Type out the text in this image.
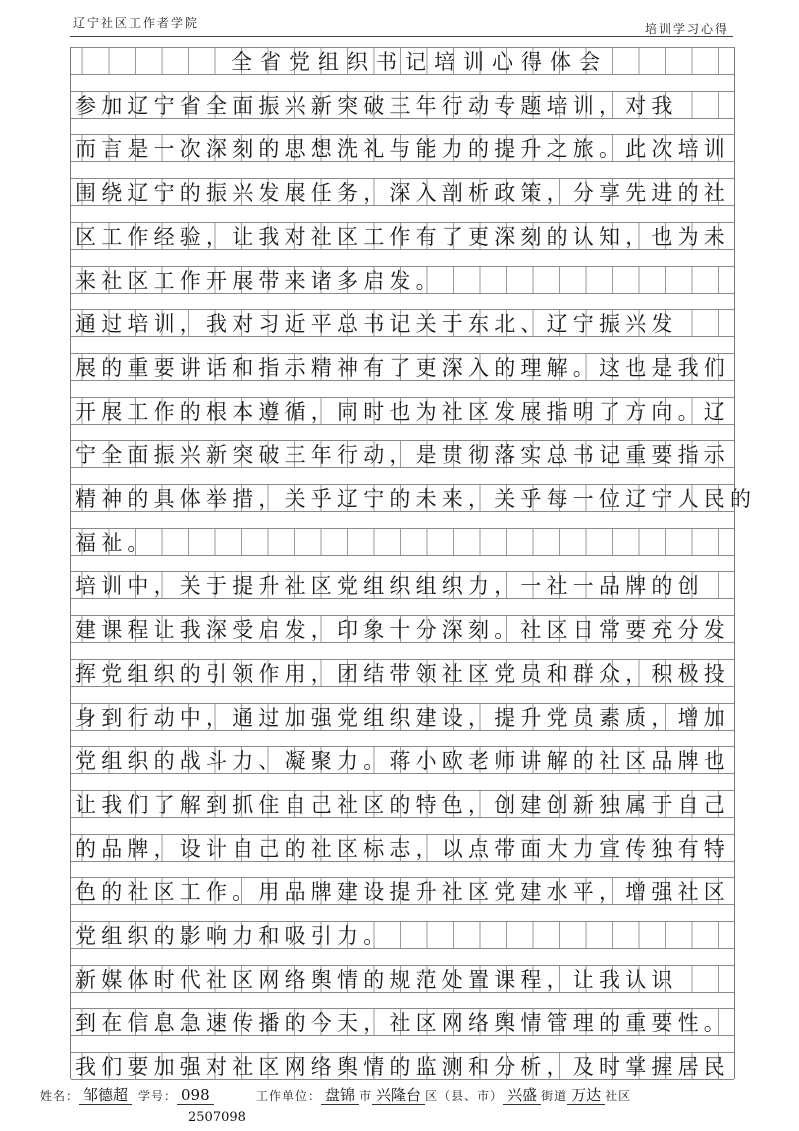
辽宁社区工作者学院	培训学习心得
全省党组织书记培训心得体会
参加辽宁省全面振兴新突破三年行动专题培训，对我
而言是一次深刻的思想洗礼与能力的提升之旅。此次培训
围绕辽宁的振兴发展任务，深入剖析政策，分享先进的社
区工作经验，让我对社区工作有了更深刻的认知，也为未
来社区工作开展带来诸多启发。
通过培训，我对习近平总书记关于东北、辽宁振兴发
展的重要讲话和指示精神有了更深入的理解。这也是我们
开展工作的根本遵循，同时也为社区发展指明了方向。辽
宁全面振兴新突破三年行动，是贯彻落实总书记重要指示
精神的具体举措，关乎辽宁的未来，关乎每一位辽宁人民的
福祉。
培训中，关于提升社区党组织组织力，一社一品牌的创
建课程让我深受启发，印象十分深刻。社区日常要充分发
挥党组织的引领作用，团结带领社区党员和群众，积极投
身到行动中，通过加强党组织建设，提升党员素质，增加
党组织的战斗力、凝聚力。蒋小欧老师讲解的社区品牌也
让我们了解到抓住自己社区的特色，创建创新独属于自己
的品牌，设计自己的社区标志，以点带面大力宣传独有特
色的社区工作。用品牌建设提升社区党建水平，增强社区
党组织的影响力和吸引力。
新媒体时代社区网络舆情的规范处置课程，让我认识
到在信息急速传播的今天，社区网络舆情管理的重要性。
我们要加强对社区网络舆情的监测和分析，及时掌握居民
姓名： 邹德超 学号： 098
2507098
工作单位： 盘锦 市 兴隆台 区（县、市） 兴盛 街道 万达 社区
